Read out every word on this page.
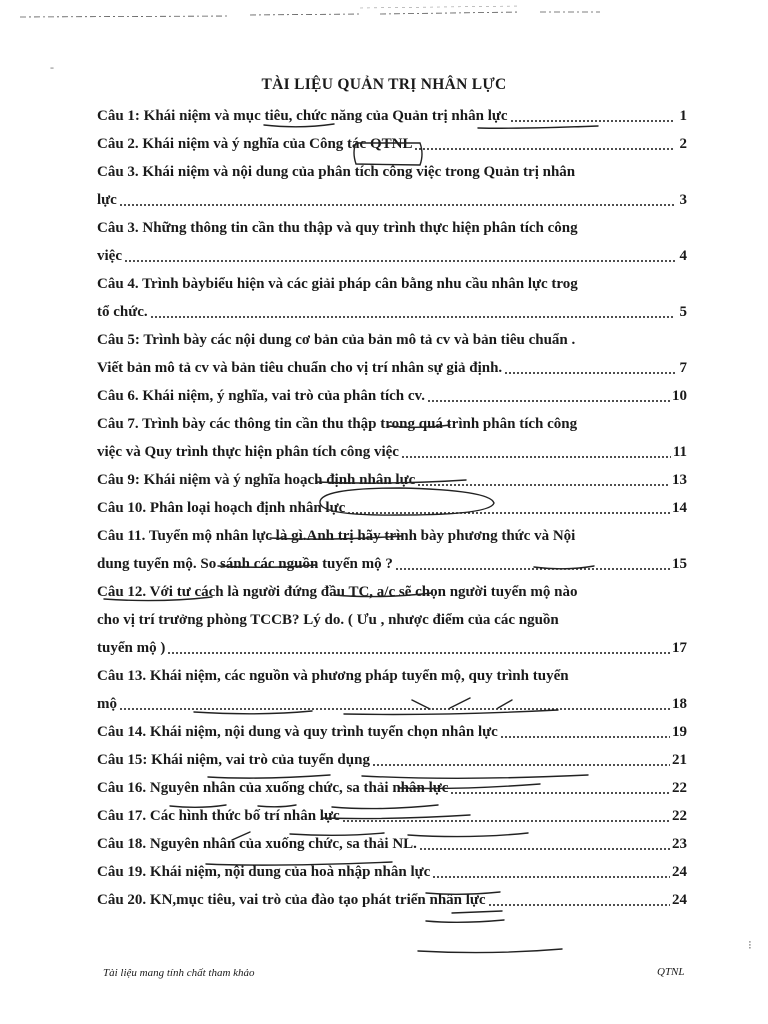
TÀI LIỆU QUẢN TRỊ NHÂN LỰC
Câu 1: Khái niệm và mục tiêu, chức năng của Quản trị nhân lực	1
Câu 2. Khái niệm và ý nghĩa của Công tác QTNL	2
Câu 3. Khái niệm và nội dung của phân tích công việc trong Quản trị nhân
lực	3
Câu 3. Những thông tin cần thu thập và quy trình thực hiện phân tích công
việc	4
Câu 4. Trình bàybiểu hiện và các giải pháp cân bằng nhu cầu nhân lực trog
tổ chức.	5
Câu 5: Trình bày các nội dung cơ bản của bản mô tả cv và bản tiêu chuẩn .
Viết bản mô tả cv và bản tiêu chuẩn cho vị trí nhân sự giả định.	7
Câu 6. Khái niệm, ý nghĩa, vai trò của phân tích cv.	10
Câu 7. Trình bày các thông tin cần thu thập trong quá trình phân tích công
việc và Quy trình thực hiện phân tích công việc	11
Câu 9: Khái niệm và ý nghĩa hoạch định nhân lực	13
Câu 10. Phân loại hoạch định nhân lực	14
Câu 11. Tuyển mộ nhân lực là gì.Anh trị hãy trình bày phương thức và Nội
dung tuyển mộ. So sánh các nguồn tuyển mộ ?	15
Câu 12. Với tư cách là người đứng đầu TC, a/c sẽ chọn người tuyển mộ nào
cho vị trí trưởng phòng TCCB? Lý do. ( Ưu , nhược điểm của các nguồn
tuyển mộ )	17
Câu 13. Khái niệm, các nguồn và phương pháp tuyển mộ, quy trình tuyển
mộ	18
Câu 14. Khái niệm, nội dung và quy trình tuyển chọn nhân lực	19
Câu 15: Khái niệm, vai trò của tuyển dụng	21
Câu 16. Nguyên nhân của xuống chức, sa thải nhân lực	22
Câu 17. Các hình thức bố trí nhân lực	22
Câu 18. Nguyên nhân của xuống chức, sa thải NL.	23
Câu 19. Khái niệm, nội dung của hoà nhập nhân lực	24
Câu 20. KN,mục tiêu, vai trò của đào tạo phát triển nhân lực	24
-
⁝
Tài liệu mang tính chất tham khảo	QTNL
